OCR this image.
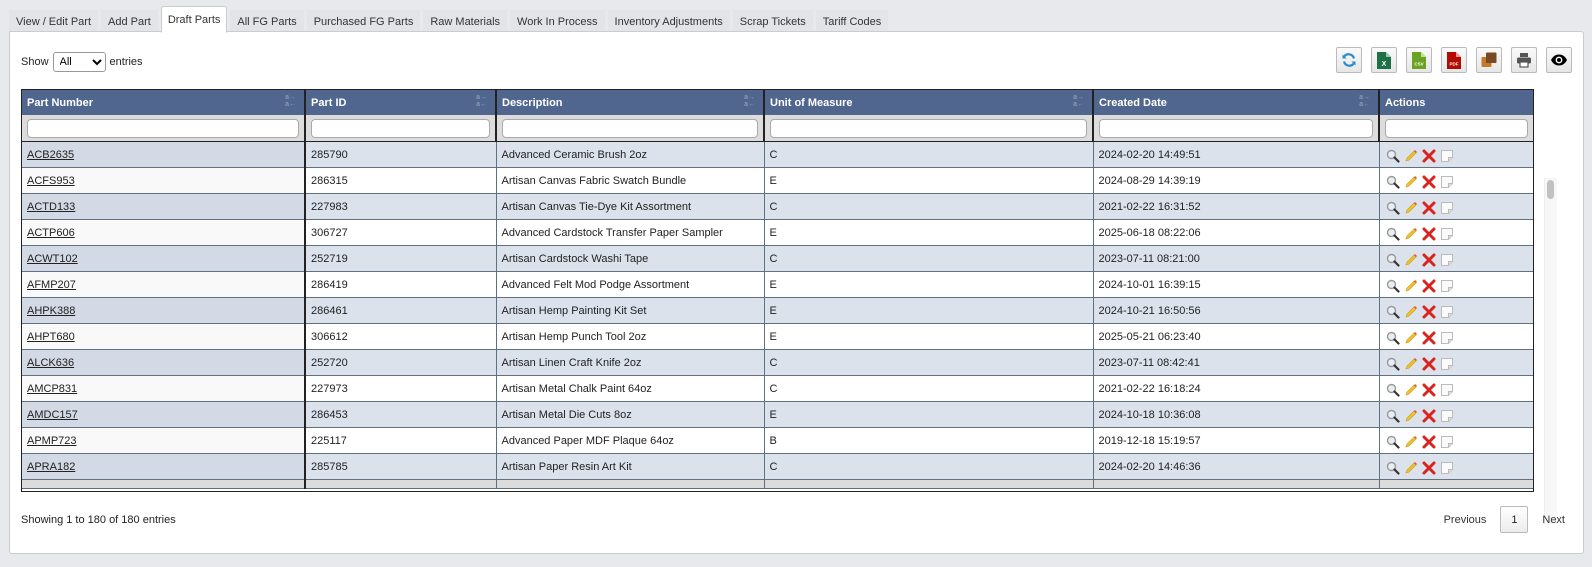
View / Edit Part	Add Part	Draft Parts	All FG Parts	Purchased FG Parts	Raw Materials	Work In Process	Inventory Adjustments	Scrap Tickets	Tariff Codes
Show
All	entries	X	CSV	PDF
Part Number a→
a←	Part ID a→
a←	Description a→
a←	Unit of Measure a→
a←	Created Date a→
a←	Actions

ACB2635	285790	Advanced Ceramic Brush 2oz	C	2024-02-20 14:49:51	

ACFS953	286315	Artisan Canvas Fabric Swatch Bundle	E	2024-08-29 14:39:19	

ACTD133	227983	Artisan Canvas Tie-Dye Kit Assortment	C	2021-02-22 16:31:52	

ACTP606	306727	Advanced Cardstock Transfer Paper Sampler	E	2025-06-18 08:22:06	

ACWT102	252719	Artisan Cardstock Washi Tape	C	2023-07-11 08:21:00	

AFMP207	286419	Advanced Felt Mod Podge Assortment	E	2024-10-01 16:39:15	

AHPK388	286461	Artisan Hemp Painting Kit Set	E	2024-10-21 16:50:56	

AHPT680	306612	Artisan Hemp Punch Tool 2oz	E	2025-05-21 06:23:40	

ALCK636	252720	Artisan Linen Craft Knife 2oz	C	2023-07-11 08:42:41	

AMCP831	227973	Artisan Metal Chalk Paint 64oz	C	2021-02-22 16:18:24	

AMDC157	286453	Artisan Metal Die Cuts 8oz	E	2024-10-18 10:36:08	

APMP723	225117	Advanced Paper MDF Plaque 64oz	B	2019-12-18 15:19:57	

APRA182	285785	Artisan Paper Resin Art Kit	C	2024-02-20 14:46:36	

Showing 1 to 180 of 180 entries	Previous	1	Next
